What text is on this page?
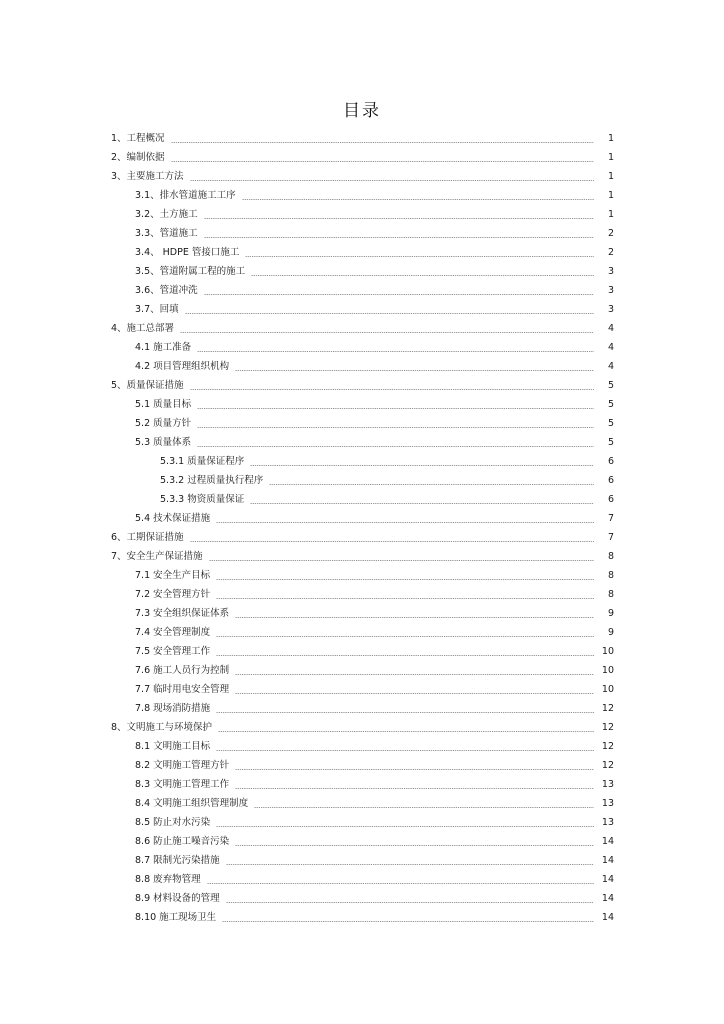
目录
1、工程概况	1
2、编制依据	1
3、主要施工方法	1
3.1、排水管道施工工序	1
3.2、土方施工	1
3.3、管道施工	2
3.4、 HDPE 管接口施工	2
3.5、管道附属工程的施工	3
3.6、管道冲洗	3
3.7、回填	3
4、施工总部署	4
4.1 施工准备	4
4.2 项目管理组织机构	4
5、质量保证措施	5
5.1 质量目标	5
5.2 质量方针	5
5.3 质量体系	5
5.3.1 质量保证程序	6
5.3.2 过程质量执行程序	6
5.3.3 物资质量保证	6
5.4 技术保证措施	7
6、工期保证措施	7
7、安全生产保证措施	8
7.1 安全生产目标	8
7.2 安全管理方针	8
7.3 安全组织保证体系	9
7.4 安全管理制度	9
7.5 安全管理工作	10
7.6 施工人员行为控制	10
7.7 临时用电安全管理	10
7.8 现场消防措施	12
8、文明施工与环境保护	12
8.1 文明施工目标	12
8.2 文明施工管理方针	12
8.3 文明施工管理工作	13
8.4 文明施工组织管理制度	13
8.5 防止对水污染	13
8.6 防止施工噪音污染	14
8.7 限制光污染措施	14
8.8 废弃物管理	14
8.9 材料设备的管理	14
8.10 施工现场卫生	14
